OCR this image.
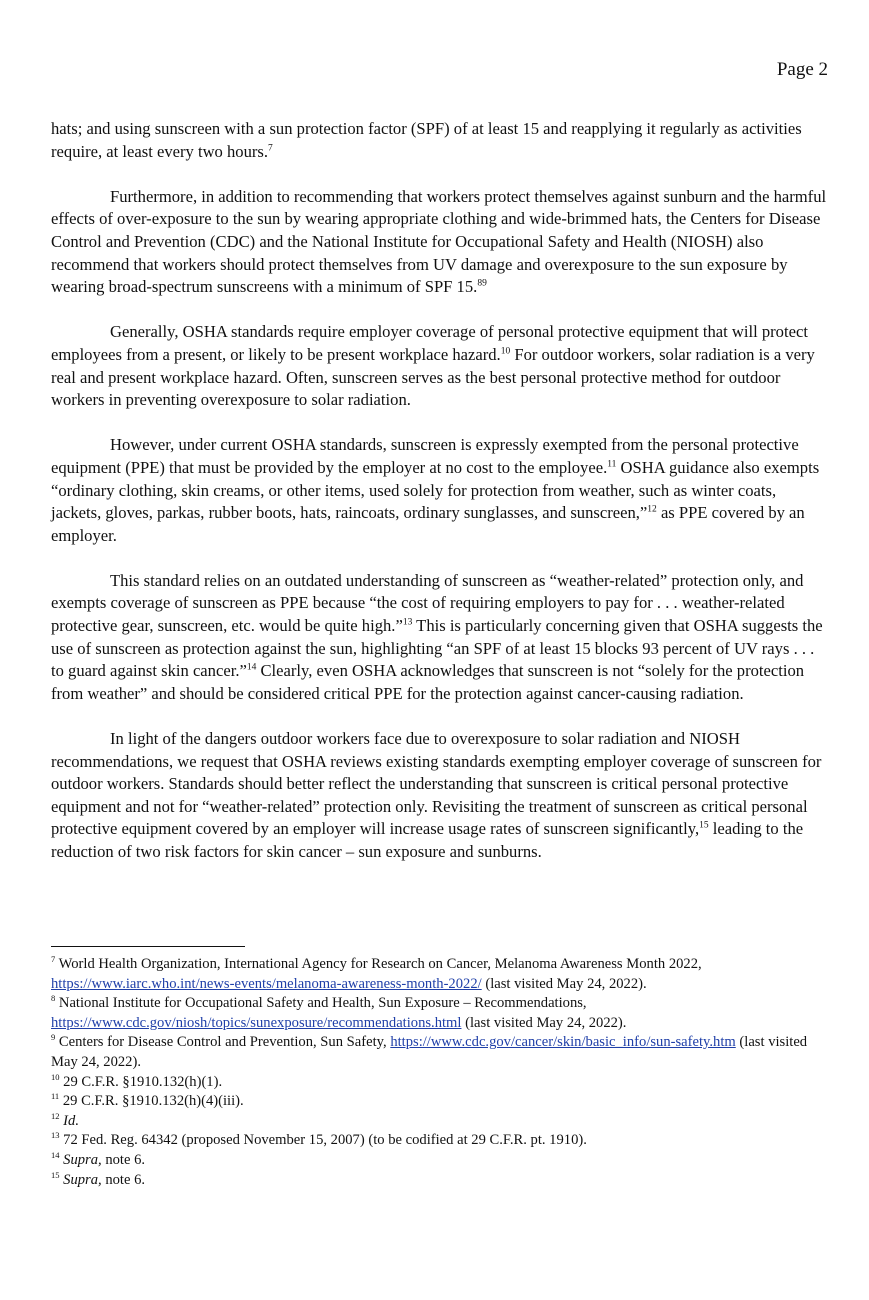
Page 2

hats; and using sunscreen with a sun protection factor (SPF) of at least 15 and reapplying it regularly as activities require, at least every two hours.$^7$

Furthermore, in addition to recommending that workers protect themselves against sunburn and the harmful effects of over-exposure to the sun by wearing appropriate clothing and wide-brimmed hats, the Centers for Disease Control and Prevention (CDC) and the National Institute for Occupational Safety and Health (NIOSH) also recommend that workers should protect themselves from UV damage and overexposure to the sun exposure by wearing broad-spectrum sunscreens with a minimum of SPF 15.89

Generally, OSHA standards require employer coverage of personal protective equipment that will protect employees from a present, or likely to be present workplace hazard.$^{10}$ For outdoor workers, solar radiation is a very real and present workplace hazard. Often, sunscreen serves as the best personal protective method for outdoor workers in preventing overexposure to solar radiation.

However, under current OSHA standards, sunscreen is expressly exempted from the personal protective equipment (PPE) that must be provided by the employer at no cost to the employee.$^{11}$ OSHA guidance also exempts “ordinary clothing, skin creams, or other items, used solely for protection from weather, such as winter coats, jackets, gloves, parkas, rubber boots, hats, raincoats, ordinary sunglasses, and sunscreen,”$^{12}$ as PPE covered by an employer.

This standard relies on an outdated understanding of sunscreen as “weather-related” protection only, and exempts coverage of sunscreen as PPE because “the cost of requiring employers to pay for . . . weather-related protective gear, sunscreen, etc. would be quite high.”$^{13}$ This is particularly concerning given that OSHA suggests the use of sunscreen as protection against the sun, highlighting “an SPF of at least 15 blocks 93 percent of UV rays . . . to guard against skin cancer.”$^{14}$ Clearly, even OSHA acknowledges that sunscreen is not “solely for the protection from weather” and should be considered critical PPE for the protection against cancer-causing radiation.

In light of the dangers outdoor workers face due to overexposure to solar radiation and NIOSH recommendations, we request that OSHA reviews existing standards exempting employer coverage of sunscreen for outdoor workers. Standards should better reflect the understanding that sunscreen is critical personal protective equipment and not for “weather-related” protection only. Revisiting the treatment of sunscreen as critical personal protective equipment covered by an employer will increase usage rates of sunscreen significantly,$^{15}$ leading to the reduction of two risk factors for skin cancer – sun exposure and sunburns.

$^7$ World Health Organization, International Agency for Research on Cancer, Melanoma Awareness Month 2022, https://www.iarc.who.int/news-events/melanoma-awareness-month-2022/ (last visited May 24, 2022).

$^8$ National Institute for Occupational Safety and Health, Sun Exposure – Recommendations, https://www.cdc.gov/niosh/topics/sunexposure/recommendations.html (last visited May 24, 2022).

$^9$ Centers for Disease Control and Prevention, Sun Safety, https://www.cdc.gov/cancer/skin/basic_info/sun-safety.htm (last visited May 24, 2022).

$^{10}$ 29 C.F.R. §1910.132(h)(1).

$^{11}$ 29 C.F.R. §1910.132(h)(4)(iii).

$^{12}$ Id.

$^{13}$ 72 Fed. Reg. 64342 (proposed November 15, 2007) (to be codified at 29 C.F.R. pt. 1910).

$^{14}$ Supra, note 6.

$^{15}$ Supra, note 6.
